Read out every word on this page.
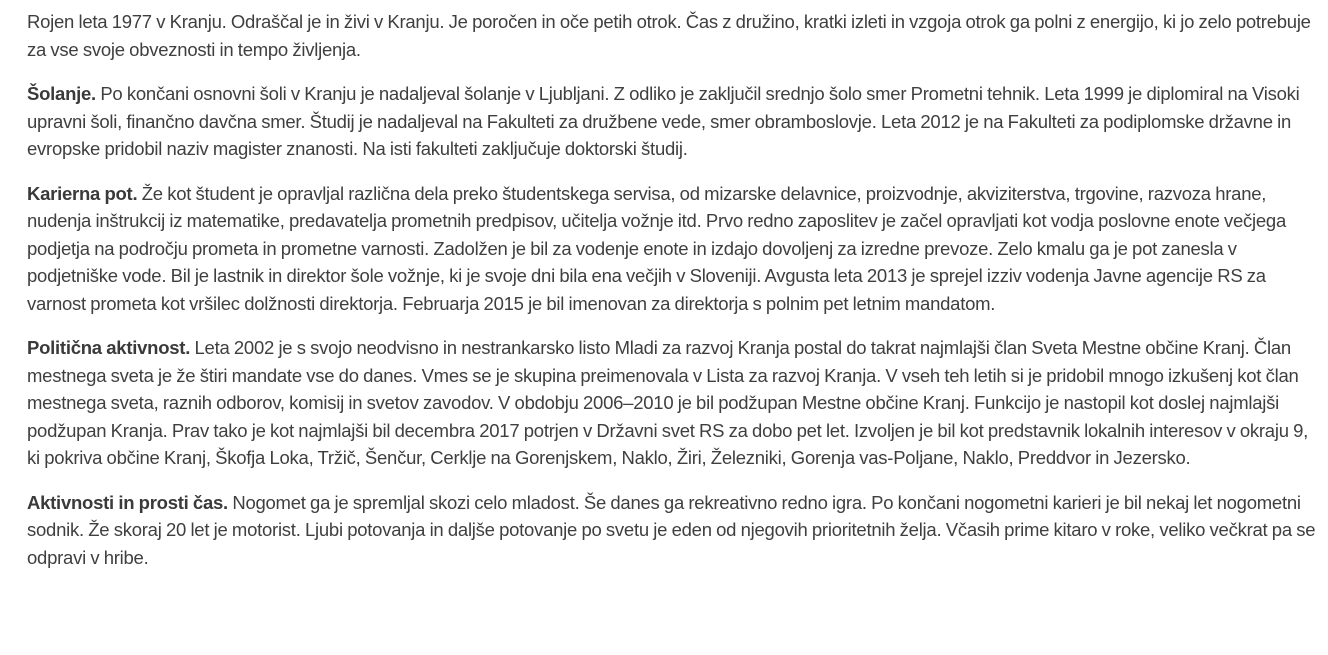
Rojen leta 1977 v Kranju. Odraščal je in živi v Kranju. Je poročen in oče petih otrok. Čas z družino, kratki izleti in vzgoja otrok ga polni z energijo, ki jo zelo potrebuje za vse svoje obveznosti in tempo življenja.

Šolanje. Po končani osnovni šoli v Kranju je nadaljeval šolanje v Ljubljani. Z odliko je zaključil srednjo šolo smer Prometni tehnik. Leta 1999 je diplomiral na Visoki upravni šoli, finančno davčna smer. Študij je nadaljeval na Fakulteti za družbene vede, smer obramboslovje. Leta 2012 je na Fakulteti za podiplomske državne in evropske pridobil naziv magister znanosti. Na isti fakulteti zaključuje doktorski študij.

Karierna pot. Že kot študent je opravljal različna dela preko študentskega servisa, od mizarske delavnice, proizvodnje, akviziterstva, trgovine, razvoza hrane, nudenja inštrukcij iz matematike, predavatelja prometnih predpisov, učitelja vožnje itd. Prvo redno zaposlitev je začel opravljati kot vodja poslovne enote večjega podjetja na področju prometa in prometne varnosti. Zadolžen je bil za vodenje enote in izdajo dovoljenj za izredne prevoze. Zelo kmalu ga je pot zanesla v podjetniške vode. Bil je lastnik in direktor šole vožnje, ki je svoje dni bila ena večjih v Sloveniji. Avgusta leta 2013 je sprejel izziv vodenja Javne agencije RS za varnost prometa kot vršilec dolžnosti direktorja. Februarja 2015 je bil imenovan za direktorja s polnim pet letnim mandatom.

Politična aktivnost. Leta 2002 je s svojo neodvisno in nestrankarsko listo Mladi za razvoj Kranja postal do takrat najmlajši član Sveta Mestne občine Kranj. Član mestnega sveta je že štiri mandate vse do danes. Vmes se je skupina preimenovala v Lista za razvoj Kranja. V vseh teh letih si je pridobil mnogo izkušenj kot član mestnega sveta, raznih odborov, komisij in svetov zavodov. V obdobju 2006–2010 je bil podžupan Mestne občine Kranj. Funkcijo je nastopil kot doslej najmlajši podžupan Kranja. Prav tako je kot najmlajši bil decembra 2017 potrjen v Državni svet RS za dobo pet let. Izvoljen je bil kot predstavnik lokalnih interesov v okraju 9, ki pokriva občine Kranj, Škofja Loka, Tržič, Šenčur, Cerklje na Gorenjskem, Naklo, Žiri, Železniki, Gorenja vas-Poljane, Naklo, Preddvor in Jezersko.

Aktivnosti in prosti čas. Nogomet ga je spremljal skozi celo mladost. Še danes ga rekreativno redno igra. Po končani nogometni karieri je bil nekaj let nogometni sodnik. Že skoraj 20 let je motorist. Ljubi potovanja in daljše potovanje po svetu je eden od njegovih prioritetnih želja. Včasih prime kitaro v roke, veliko večkrat pa se odpravi v hribe.
